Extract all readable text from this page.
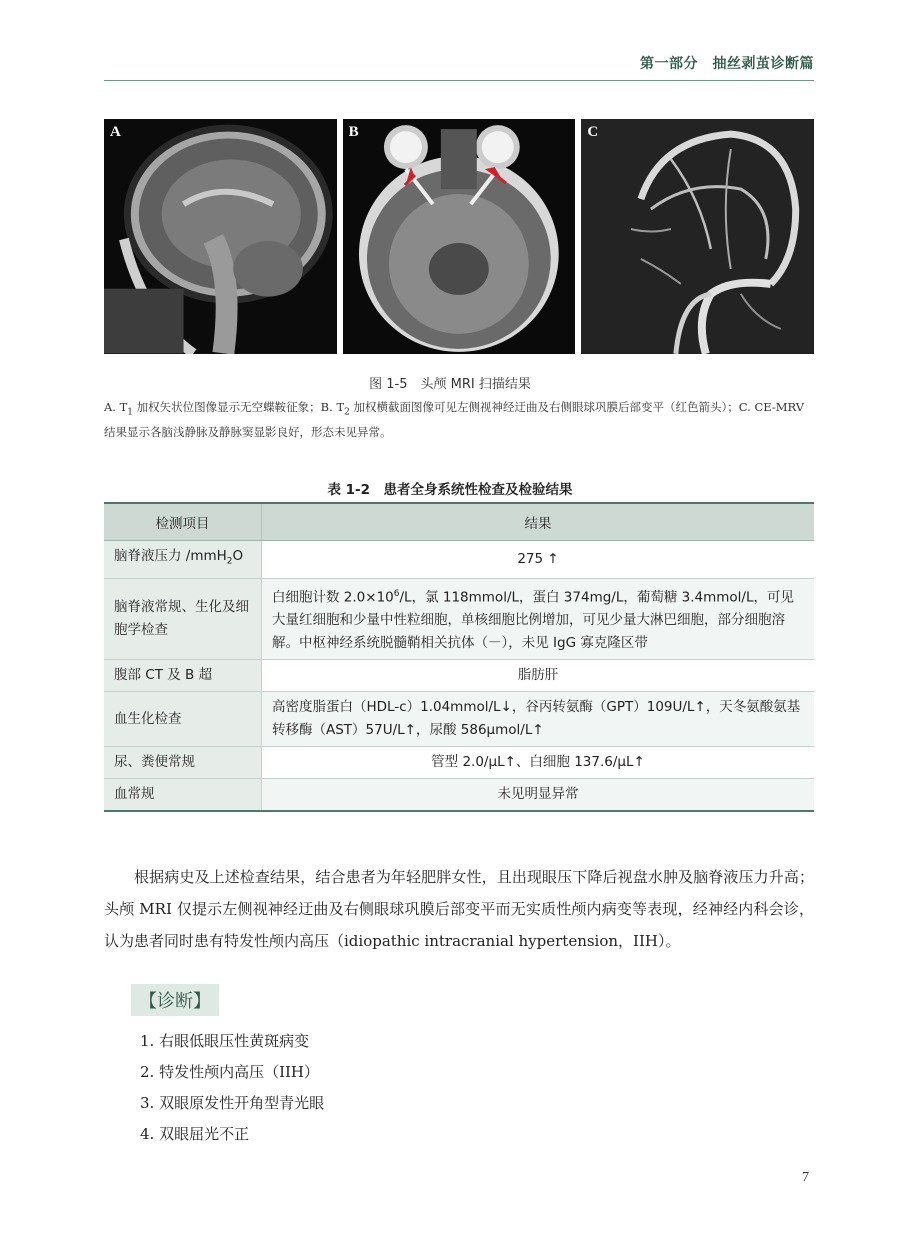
第一部分　抽丝剥茧诊断篇
A	B	C
图 1-5　头颅 MRI 扫描结果
A. $T_1$ 加权矢状位图像显示无空蝶鞍征象；B. $T_2$ 加权横截面图像可见左侧视神经迂曲及右侧眼球巩膜后部变平（红色箭头）；C. CE-MRV 结果显示各脑浅静脉及静脉窦显影良好，形态未见异常。
表 1-2　患者全身系统性检查及检验结果
检测项目	结果
脑脊液压力 /mmH$_2$O	275 ↑
脑脊液常规、生化及细胞学检查	白细胞计数 $2.0\times 10^6/L$，氯 118mmol/L，蛋白 374mg/L，葡萄糖 3.4mmol/L，可见大量红细胞和少量中性粒细胞，单核细胞比例增加，可见少量大淋巴细胞，部分细胞溶解。中枢神经系统脱髓鞘相关抗体（－），未见 IgG 寡克隆区带
腹部 CT 及 B 超	脂肪肝
血生化检查	高密度脂蛋白（HDL-c）1.04mmol/L↓，谷丙转氨酶（GPT）109U/L↑，天冬氨酸氨基转移酶（AST）57U/L↑，尿酸 586μmol/L↑
尿、粪便常规	管型 2.0/μL↑、白细胞 137.6/μL↑
血常规	未见明显异常

根据病史及上述检查结果，结合患者为年轻肥胖女性，且出现眼压下降后视盘水肿及脑脊液压力升高；头颅 MRI 仅提示左侧视神经迂曲及右侧眼球巩膜后部变平而无实质性颅内病变等表现，经神经内科会诊，认为患者同时患有特发性颅内高压（idiopathic intracranial hypertension，IIH）。

【诊断】
1. 右眼低眼压性黄斑病变
2. 特发性颅内高压（IIH）
3. 双眼原发性开角型青光眼
4. 双眼屈光不正
7
